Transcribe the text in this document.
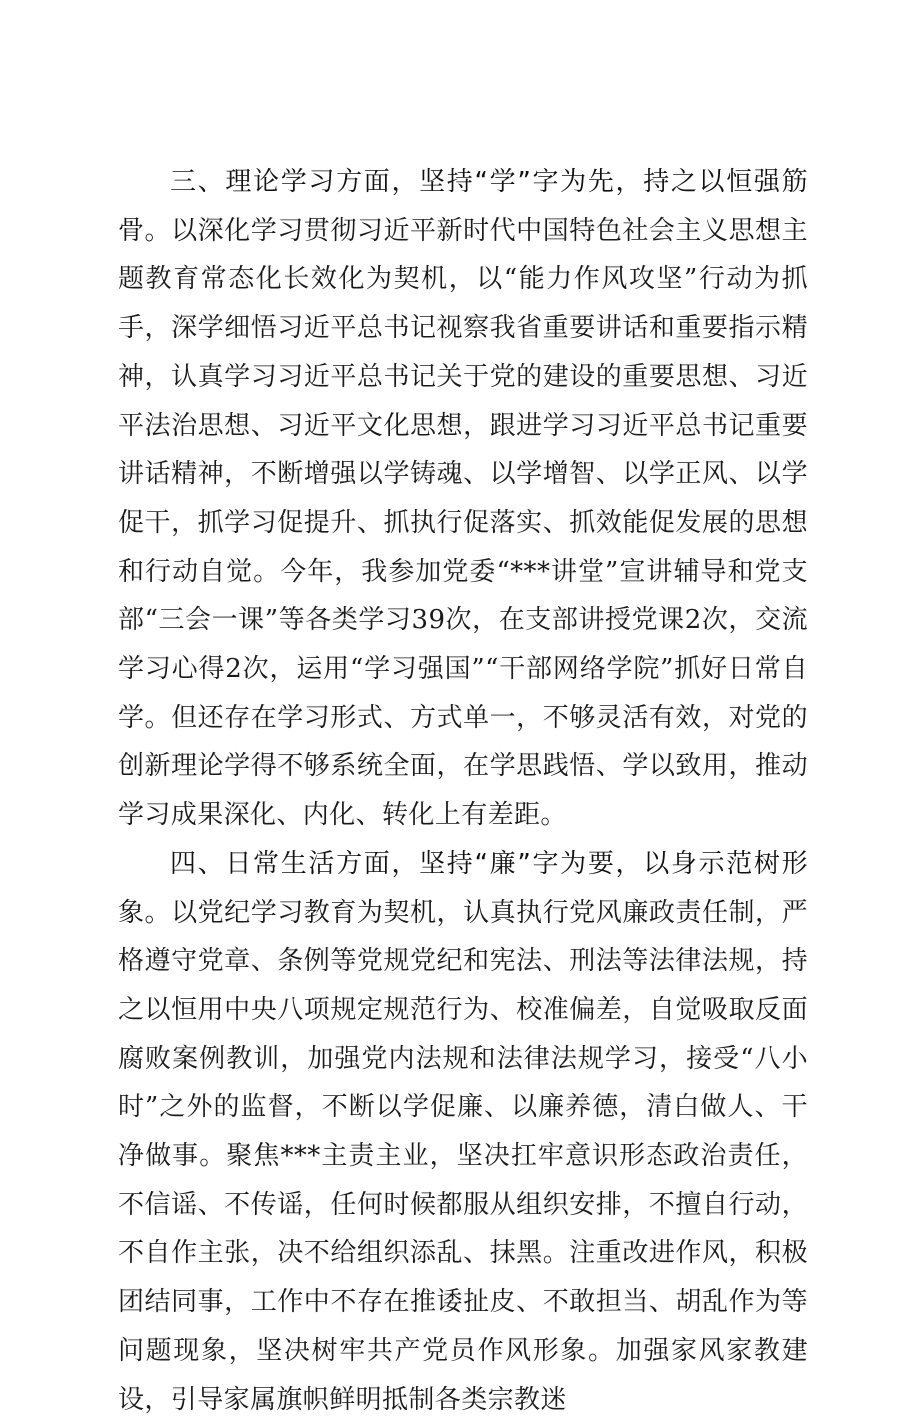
三、理论学习方面，坚持“学”字为先，持之以恒强筋骨。以深化学习贯彻习近平新时代中国特色社会主义思想主题教育常态化长效化为契机，以“能力作风攻坚”行动为抓手，深学细悟习近平总书记视察我省重要讲话和重要指示精神，认真学习习近平总书记关于党的建设的重要思想、习近平法治思想、习近平文化思想，跟进学习习近平总书记重要讲话精神，不断增强以学铸魂、以学增智、以学正风、以学促干，抓学习促提升、抓执行促落实、抓效能促发展的思想和行动自觉。今年，我参加党委“***讲堂”宣讲辅导和党支部“三会一课”等各类学习39次，在支部讲授党课2次，交流学习心得2次，运用“学习强国”“干部网络学院”抓好日常自学。但还存在学习形式、方式单一，不够灵活有效，对党的创新理论学得不够系统全面，在学思践悟、学以致用，推动学习成果深化、内化、转化上有差距。

四、日常生活方面，坚持“廉”字为要，以身示范树形象。以党纪学习教育为契机，认真执行党风廉政责任制，严格遵守党章、条例等党规党纪和宪法、刑法等法律法规，持之以恒用中央八项规定规范行为、校准偏差，自觉吸取反面腐败案例教训，加强党内法规和法律法规学习，接受“八小时”之外的监督，不断以学促廉、以廉养德，清白做人、干净做事。聚焦***主责主业，坚决扛牢意识形态政治责任，不信谣、不传谣，任何时候都服从组织安排，不擅自行动，不自作主张，决不给组织添乱、抹黑。注重改进作风，积极团结同事，工作中不存在推诿扯皮、不敢担当、胡乱作为等问题现象，坚决树牢共产党员作风形象。加强家风家教建设，引导家属旗帜鲜明抵制各类宗教迷
